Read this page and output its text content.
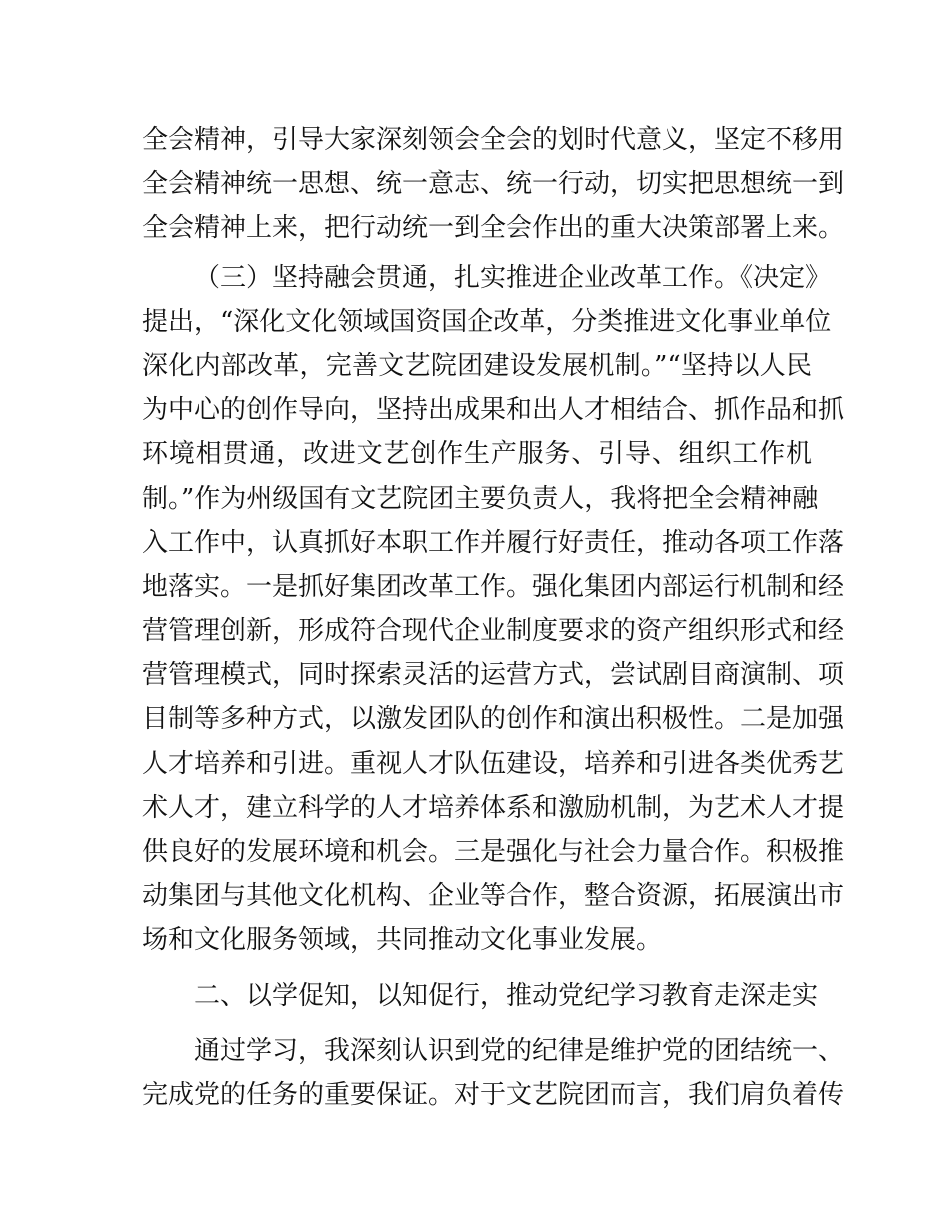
全会精神，引导大家深刻领会全会的划时代意义，坚定不移用
全会精神统一思想、统一意志、统一行动，切实把思想统一到
全会精神上来，把行动统一到全会作出的重大决策部署上来。
（三）坚持融会贯通，扎实推进企业改革工作。《决定》
提出，“深化文化领域国资国企改革，分类推进文化事业单位
深化内部改革，完善文艺院团建设发展机制。”“坚持以人民
为中心的创作导向，坚持出成果和出人才相结合、抓作品和抓
环境相贯通，改进文艺创作生产服务、引导、组织工作机
制。”作为州级国有文艺院团主要负责人，我将把全会精神融
入工作中，认真抓好本职工作并履行好责任，推动各项工作落
地落实。一是抓好集团改革工作。强化集团内部运行机制和经
营管理创新，形成符合现代企业制度要求的资产组织形式和经
营管理模式，同时探索灵活的运营方式，尝试剧目商演制、项
目制等多种方式，以激发团队的创作和演出积极性。二是加强
人才培养和引进。重视人才队伍建设，培养和引进各类优秀艺
术人才，建立科学的人才培养体系和激励机制，为艺术人才提
供良好的发展环境和机会。三是强化与社会力量合作。积极推
动集团与其他文化机构、企业等合作，整合资源，拓展演出市
场和文化服务领域，共同推动文化事业发展。
二、以学促知，以知促行，推动党纪学习教育走深走实
通过学习，我深刻认识到党的纪律是维护党的团结统一、
完成党的任务的重要保证。对于文艺院团而言，我们肩负着传
